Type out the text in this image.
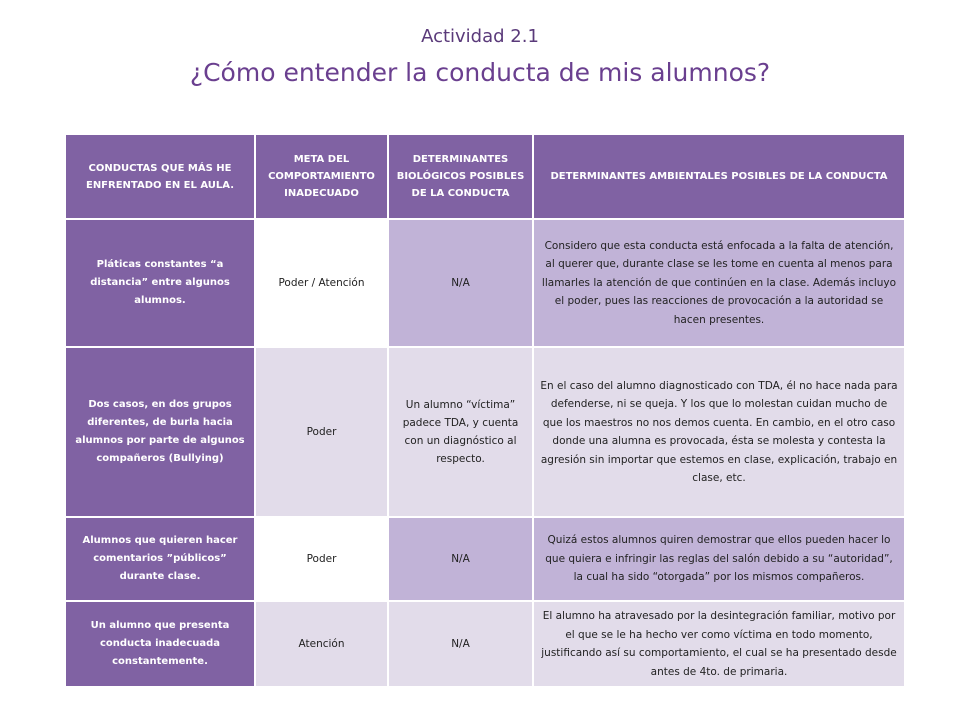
Actividad 2.1
¿Cómo entender la conducta de mis alumnos?
CONDUCTAS QUE MÁS HE ENFRENTADO EN EL AULA.	META DEL COMPORTAMIENTO INADECUADO	DETERMINANTES BIOLÓGICOS POSIBLES DE LA CONDUCTA	DETERMINANTES AMBIENTALES POSIBLES DE LA CONDUCTA
Pláticas constantes “a distancia” entre algunos alumnos.	Poder / Atención	N/A	Considero que esta conducta está enfocada a la falta de atención, al querer que, durante clase se les tome en cuenta al menos para llamarles la atención de que continúen en la clase. Además incluyo el poder, pues las reacciones de provocación a la autoridad se hacen presentes.
Dos casos, en dos grupos diferentes, de burla hacia alumnos por parte de algunos compañeros (Bullying)	Poder	Un alumno “víctima” padece TDA, y cuenta con un diagnóstico al respecto.	En el caso del alumno diagnosticado con TDA, él no hace nada para defenderse, ni se queja. Y los que lo molestan cuidan mucho de que los maestros no nos demos cuenta. En cambio, en el otro caso donde una alumna es provocada, ésta se molesta y contesta la agresión sin importar que estemos en clase, explicación, trabajo en clase, etc.
Alumnos que quieren hacer comentarios ”públicos” durante clase.	Poder	N/A	Quizá estos alumnos quiren demostrar que ellos pueden hacer lo que quiera e infringir las reglas del salón debido a su “autoridad”, la cual ha sido “otorgada” por los mismos compañeros.
Un alumno que presenta conducta inadecuada constantemente.	Atención	N/A	El alumno ha atravesado por la desintegración familiar, motivo por el que se le ha hecho ver como víctima en todo momento, justificando así su comportamiento, el cual se ha presentado desde antes de 4to. de primaria.
